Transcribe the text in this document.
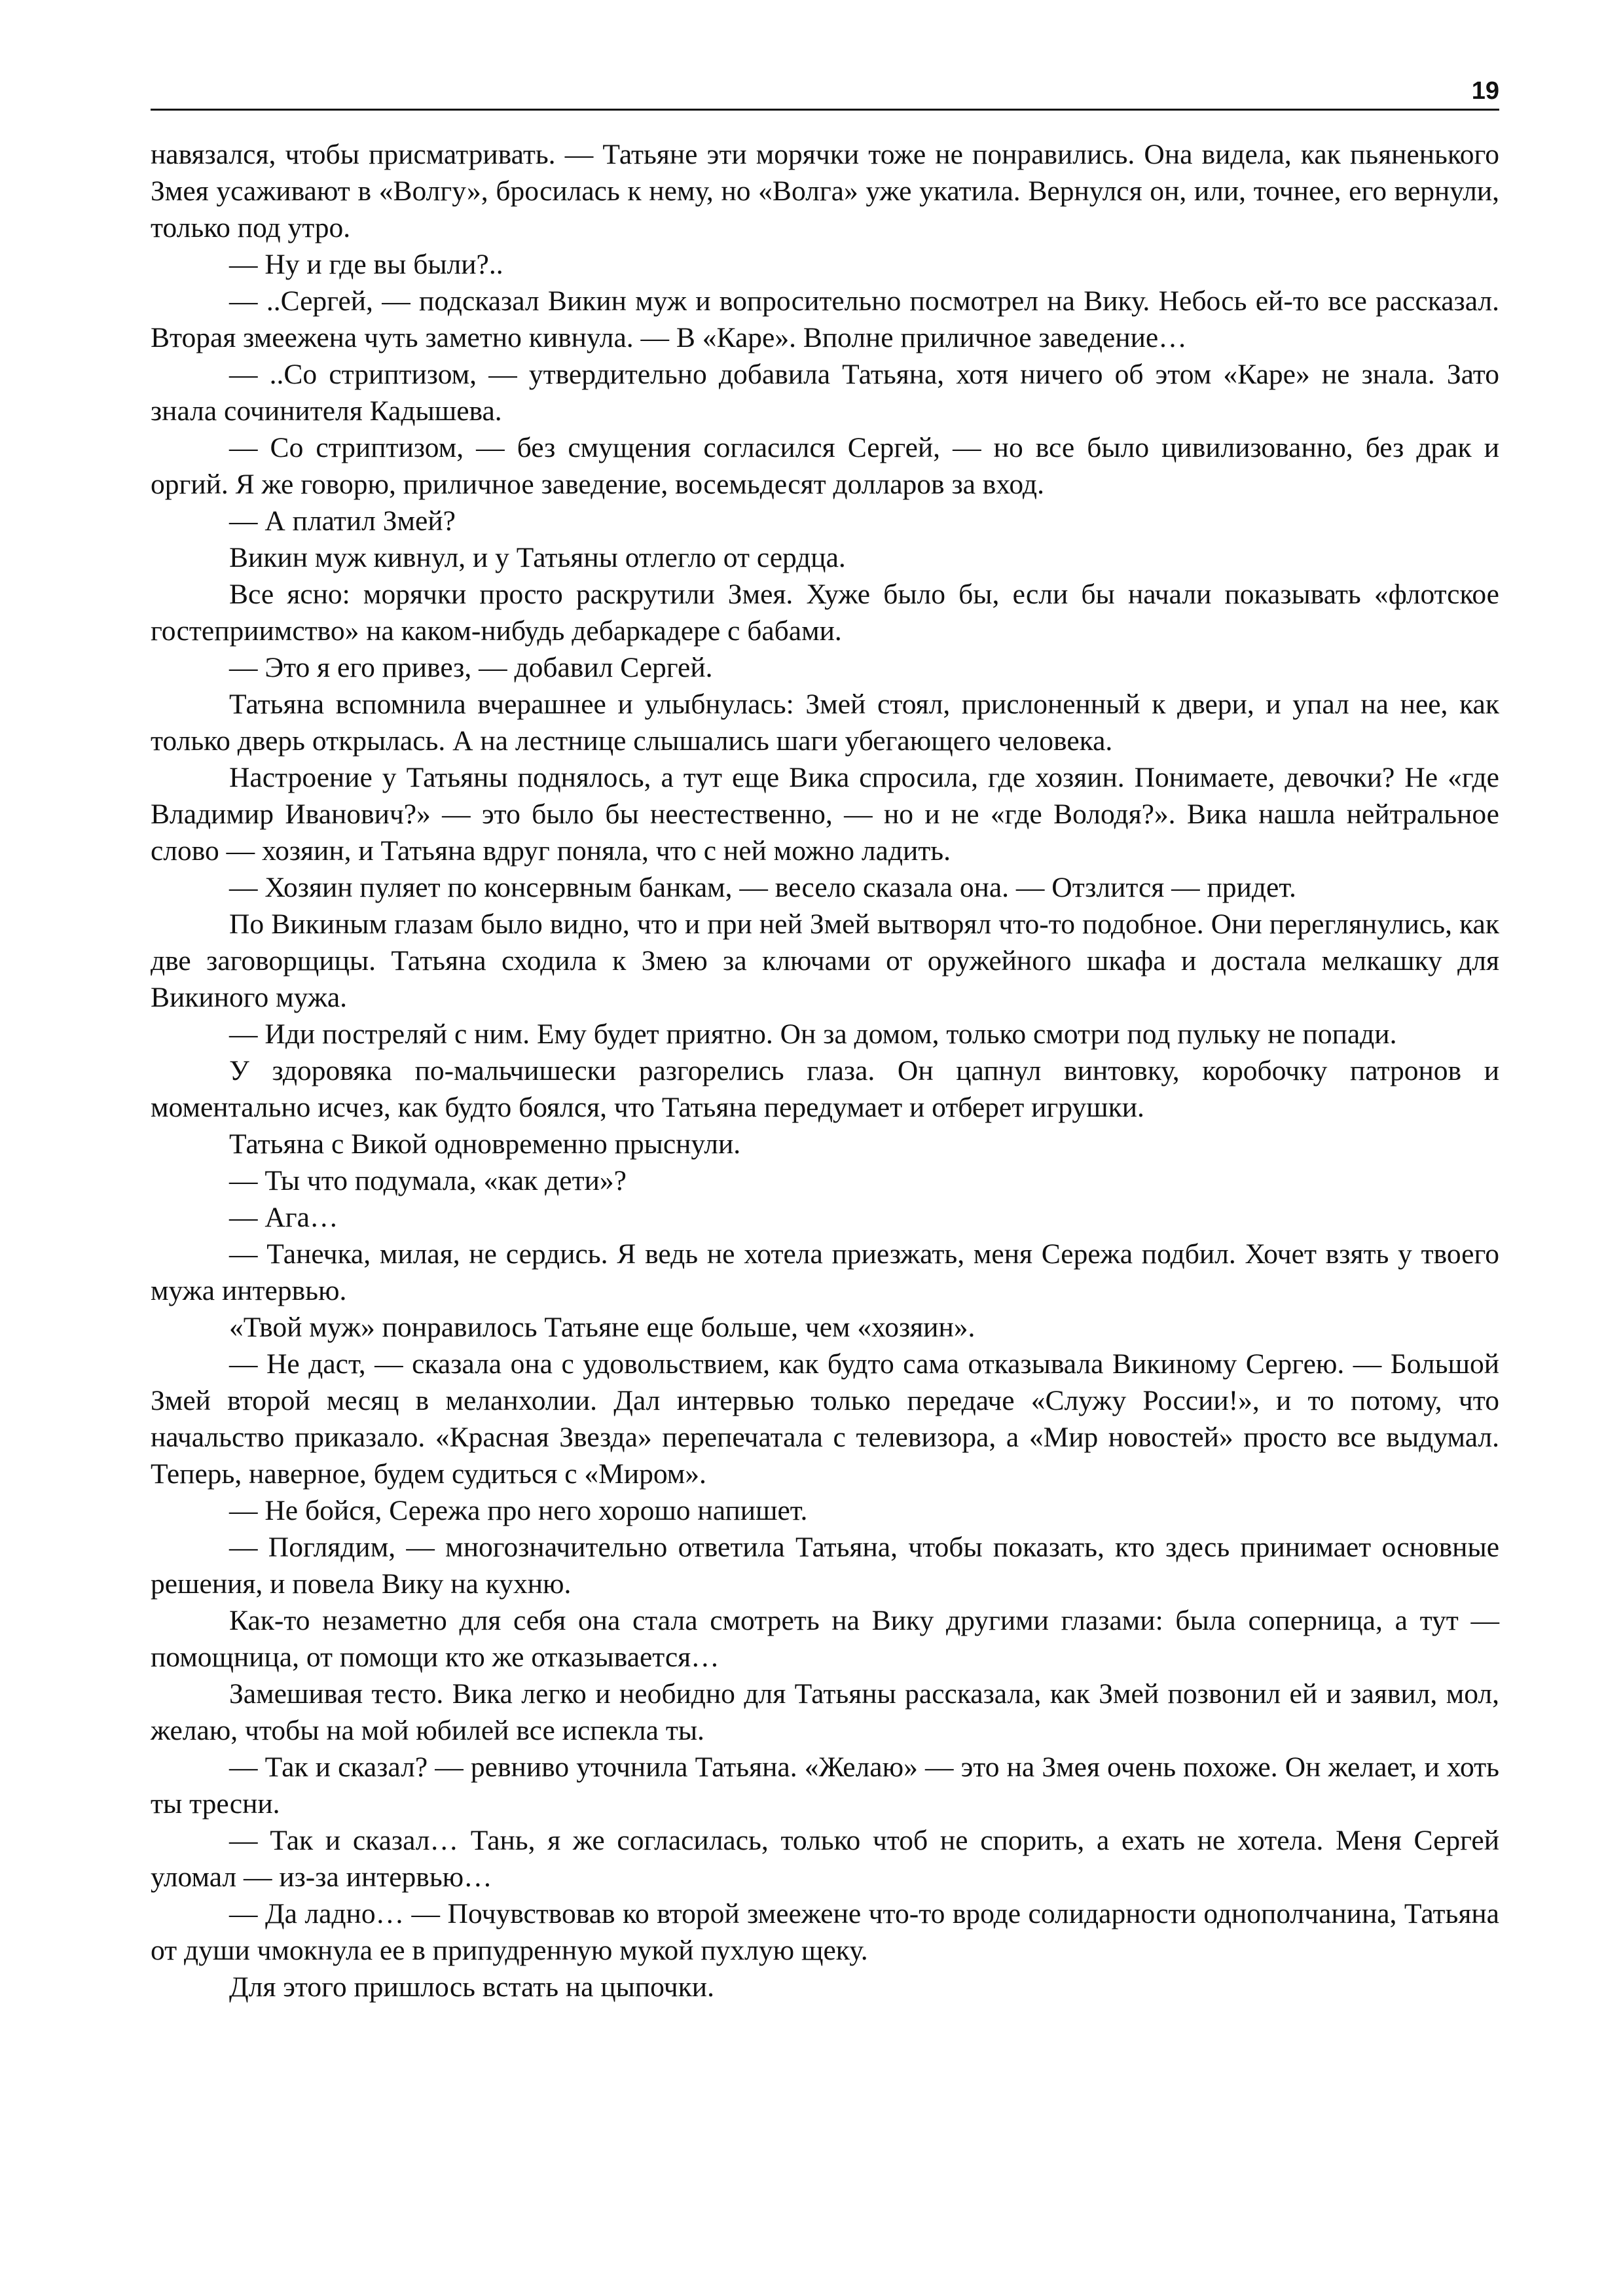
19

навязался, чтобы присматривать. — Татьяне эти морячки тоже не понравились. Она видела, как пьяненького Змея усаживают в «Волгу», бросилась к нему, но «Волга» уже укатила. Вернулся он, или, точнее, его вернули, только под утро.

— Ну и где вы были?..

— ..Сергей, — подсказал Викин муж и вопросительно посмотрел на Вику. Небось ей-то все рассказал. Вторая змеежена чуть заметно кивнула. — В «Каре». Вполне приличное заведение…

— ..Со стриптизом, — утвердительно добавила Татьяна, хотя ничего об этом «Каре» не знала. Зато знала сочинителя Кадышева.

— Со стриптизом, — без смущения согласился Сергей, — но все было цивилизованно, без драк и оргий. Я же говорю, приличное заведение, восемьдесят долларов за вход.

— А платил Змей?

Викин муж кивнул, и у Татьяны отлегло от сердца.

Все ясно: морячки просто раскрутили Змея. Хуже было бы, если бы начали показывать «флотское гостеприимство» на каком-нибудь дебаркадере с бабами.

— Это я его привез, — добавил Сергей.

Татьяна вспомнила вчерашнее и улыбнулась: Змей стоял, прислоненный к двери, и упал на нее, как только дверь открылась. А на лестнице слышались шаги убегающего человека.

Настроение у Татьяны поднялось, а тут еще Вика спросила, где хозяин. Понимаете, девочки? Не «где Владимир Иванович?» — это было бы неестественно, — но и не «где Володя?». Вика нашла нейтральное слово — хозяин, и Татьяна вдруг поняла, что с ней можно ладить.

— Хозяин пуляет по консервным банкам, — весело сказала она. — Отзлится — придет.

По Викиным глазам было видно, что и при ней Змей вытворял что-то подобное. Они переглянулись, как две заговорщицы. Татьяна сходила к Змею за ключами от оружейного шкафа и достала мелкашку для Викиного мужа.

— Иди постреляй с ним. Ему будет приятно. Он за домом, только смотри под пульку не попади.

У здоровяка по-мальчишески разгорелись глаза. Он цапнул винтовку, коробочку патронов и моментально исчез, как будто боялся, что Татьяна передумает и отберет игрушки.

Татьяна с Викой одновременно прыснули.

— Ты что подумала, «как дети»?

— Ага…

— Танечка, милая, не сердись. Я ведь не хотела приезжать, меня Сережа подбил. Хочет взять у твоего мужа интервью.

«Твой муж» понравилось Татьяне еще больше, чем «хозяин».

— Не даст, — сказала она с удовольствием, как будто сама отказывала Викиному Сергею. — Большой Змей второй месяц в меланхолии. Дал интервью только передаче «Служу России!», и то потому, что начальство приказало. «Красная Звезда» перепечатала с телевизора, а «Мир новостей» просто все выдумал. Теперь, наверное, будем судиться с «Миром».

— Не бойся, Сережа про него хорошо напишет.

— Поглядим, — многозначительно ответила Татьяна, чтобы показать, кто здесь принимает основные решения, и повела Вику на кухню.

Как-то незаметно для себя она стала смотреть на Вику другими глазами: была соперница, а тут — помощница, от помощи кто же отказывается…

Замешивая тесто. Вика легко и необидно для Татьяны рассказала, как Змей позвонил ей и заявил, мол, желаю, чтобы на мой юбилей все испекла ты.

— Так и сказал? — ревниво уточнила Татьяна. «Желаю» — это на Змея очень похоже. Он желает, и хоть ты тресни.

— Так и сказал… Тань, я же согласилась, только чтоб не спорить, а ехать не хотела. Меня Сергей уломал — из-за интервью…

— Да ладно… — Почувствовав ко второй змеежене что-то вроде солидарности однополчанина, Татьяна от души чмокнула ее в припудренную мукой пухлую щеку.

Для этого пришлось встать на цыпочки.
